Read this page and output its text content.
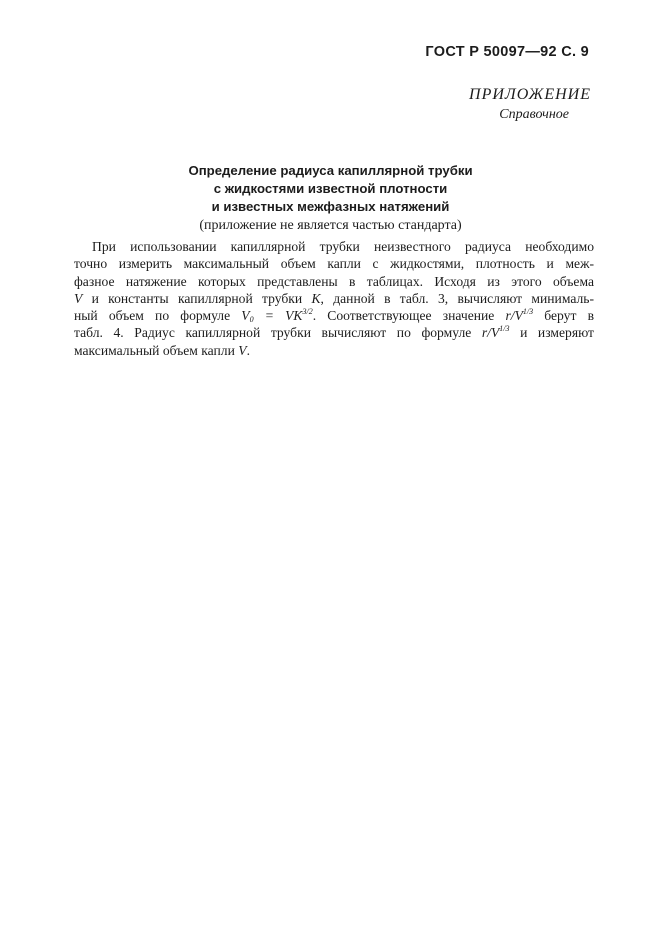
ГОСТ Р 50097—92 С. 9
ПРИЛОЖЕНИЕ
Справочное
Определение радиуса капиллярной трубки
с жидкостями известной плотности
и известных межфазных натяжений
(приложение не является частью стандарта)
При использовании капиллярной трубки неизвестного радиуса необходимо
точно измерить максимальный объем капли с жидкостями, плотность и меж-
фазное натяжение которых представлены в таблицах. Исходя из этого объема
V и константы капиллярной трубки K, данной в табл. 3, вычисляют минималь-
ный объем по формуле $V_0 = VK^{3/2}$. Соответствующее значение $r/V^{1/3}$ берут в
табл. 4. Радиус капиллярной трубки вычисляют по формуле $r/V^{1/3}$ и измеряют
максимальный объем капли V.
